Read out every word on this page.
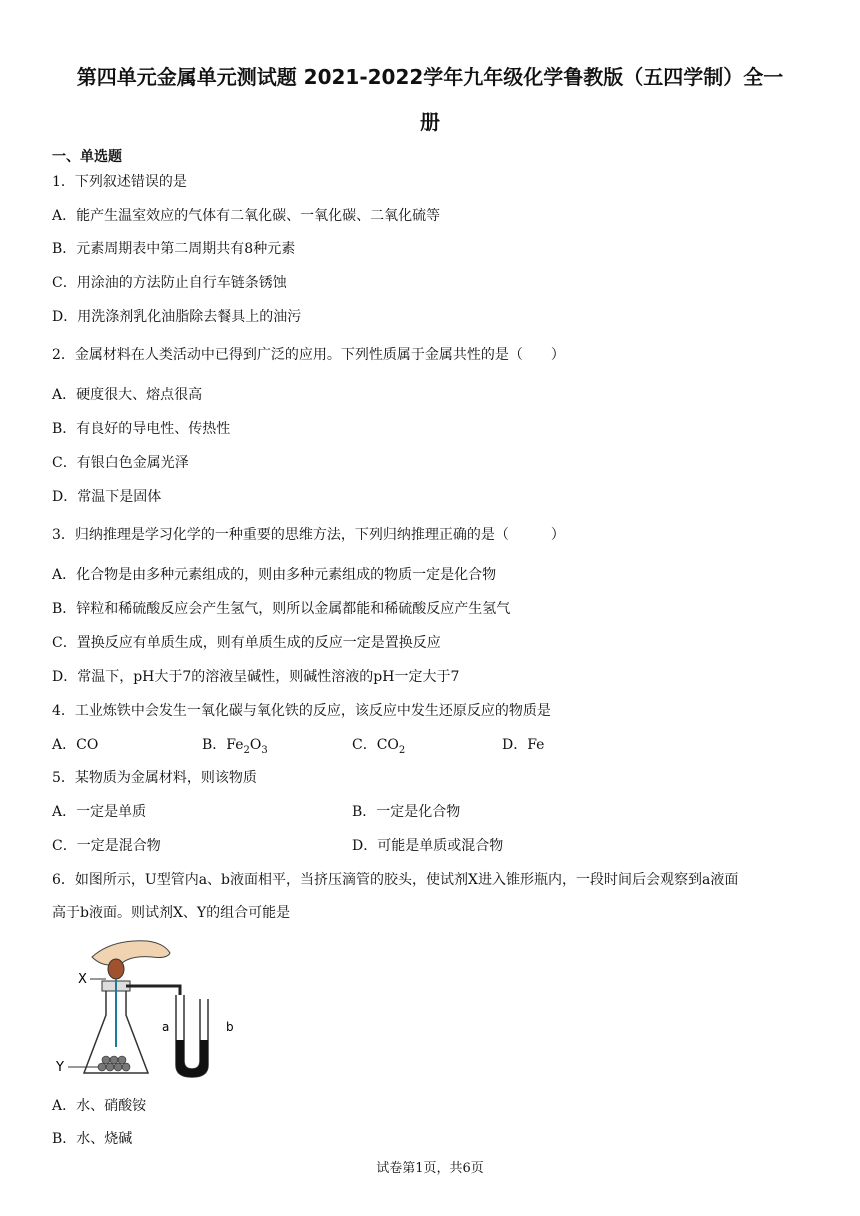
第四单元金属单元测试题 2021-2022学年九年级化学鲁教版（五四学制）全一
册
一、单选题
1．下列叙述错误的是
A．能产生温室效应的气体有二氧化碳、一氧化碳、二氧化硫等
B．元素周期表中第二周期共有8种元素
C．用涂油的方法防止自行车链条锈蚀
D．用洗涤剂乳化油脂除去餐具上的油污
2．金属材料在人类活动中已得到广泛的应用。下列性质属于金属共性的是（　　）
A．硬度很大、熔点很高
B．有良好的导电性、传热性
C．有银白色金属光泽
D．常温下是固体
3．归纳推理是学习化学的一种重要的思维方法，下列归纳推理正确的是（　　　）
A．化合物是由多种元素组成的，则由多种元素组成的物质一定是化合物
B．锌粒和稀硫酸反应会产生氢气，则所以金属都能和稀硫酸反应产生氢气
C．置换反应有单质生成，则有单质生成的反应一定是置换反应
D．常温下，pH大于7的溶液呈碱性，则碱性溶液的pH一定大于7
4．工业炼铁中会发生一氧化碳与氧化铁的反应，该反应中发生还原反应的物质是
A．CO	B．$Fe_2O_3$	C．$CO_2$	D．Fe
5．某物质为金属材料，则该物质
A．一定是单质	B．一定是化合物
C．一定是混合物	D．可能是单质或混合物
6．如图所示，U型管内a、b液面相平，当挤压滴管的胶头，使试剂X进入锥形瓶内，一段时间后会观察到a液面
高于b液面。则试剂X、Y的组合可能是
X
Y
a	b
A．水、硝酸铵
B．水、烧碱
试卷第1页，共6页
